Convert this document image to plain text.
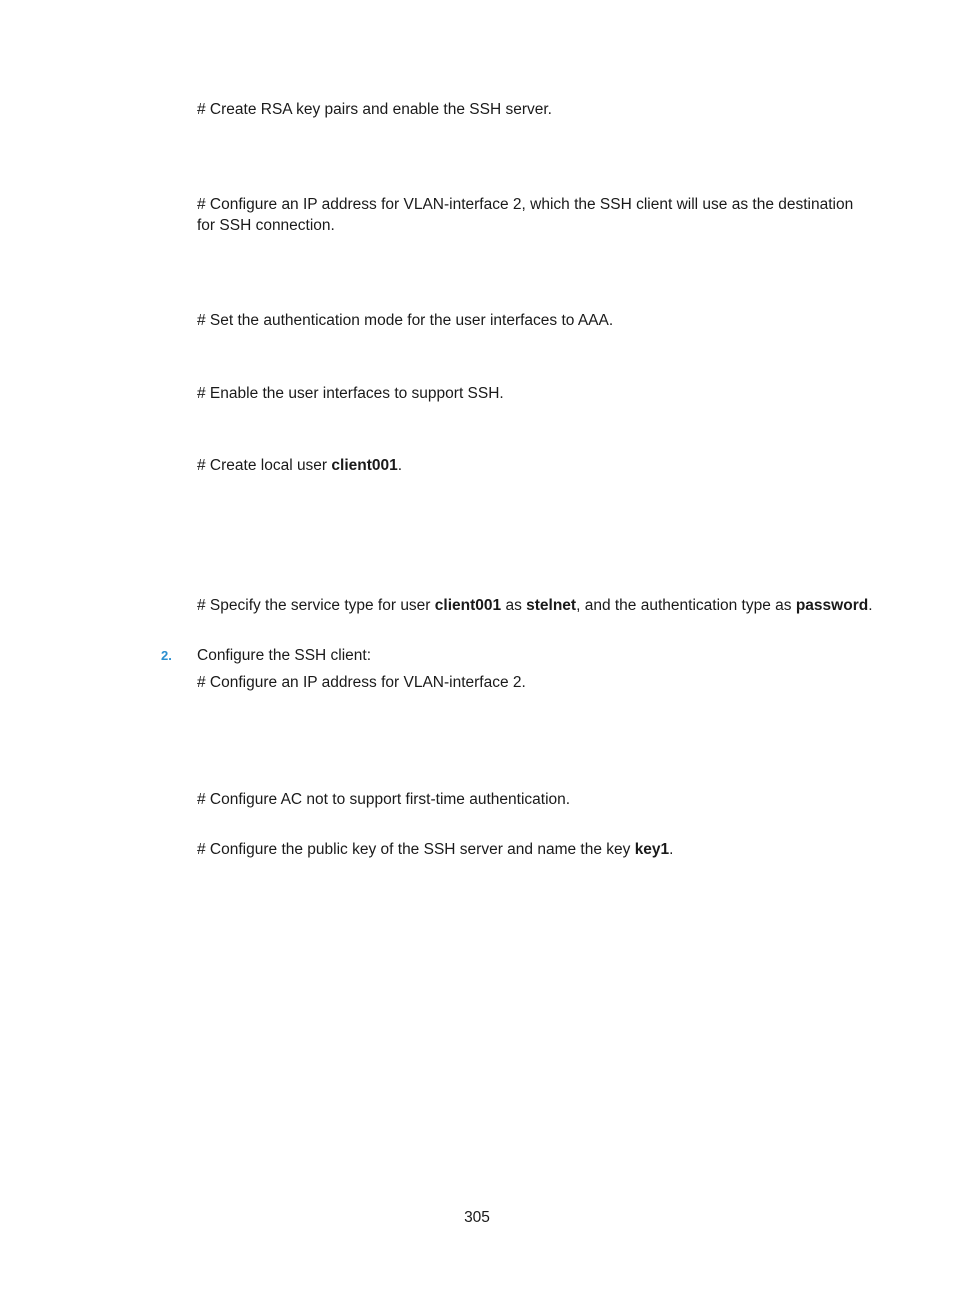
# Create RSA key pairs and enable the SSH server.
# Configure an IP address for VLAN-interface 2, which the SSH client will use as the destination for SSH connection.
# Set the authentication mode for the user interfaces to AAA.
# Enable the user interfaces to support SSH.
# Create local user client001.
# Specify the service type for user client001 as stelnet, and the authentication type as password.
2. Configure the SSH client:
# Configure an IP address for VLAN-interface 2.
# Configure AC not to support first-time authentication.
# Configure the public key of the SSH server and name the key key1.
305
